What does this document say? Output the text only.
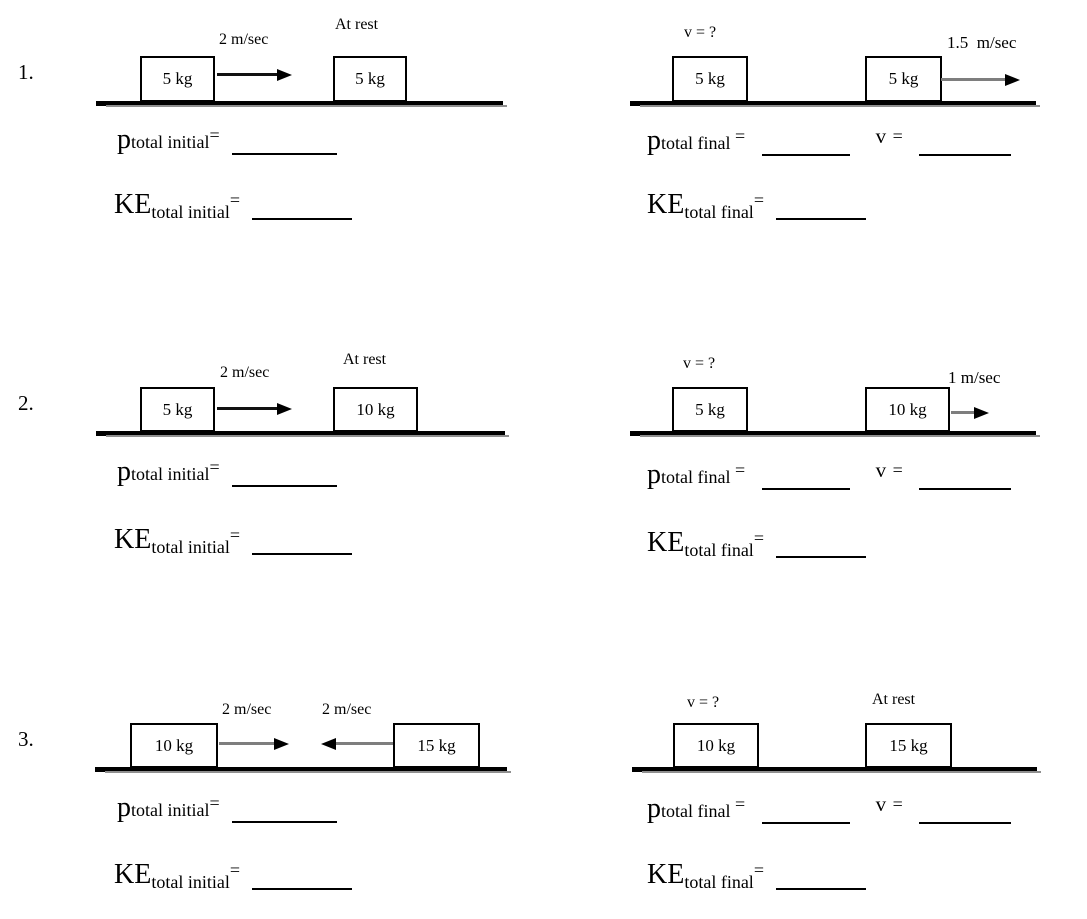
1.
2 m/sec
At rest
5 kg	5 kg
ptotal initial=
KEtotal initial=
v = ?
1.5  m/sec
5 kg	5 kg
ptotal final =	v =
KEtotal final=
2.
2 m/sec
At rest
5 kg	10 kg
ptotal initial=
KEtotal initial=
v = ?
1 m/sec
5 kg	10 kg
ptotal final =	v =
KEtotal final=
3.
2 m/sec	2 m/sec
10 kg	15 kg
ptotal initial=
KEtotal initial=
v = ?	At rest
10 kg	15 kg
ptotal final =	v =
KEtotal final=
